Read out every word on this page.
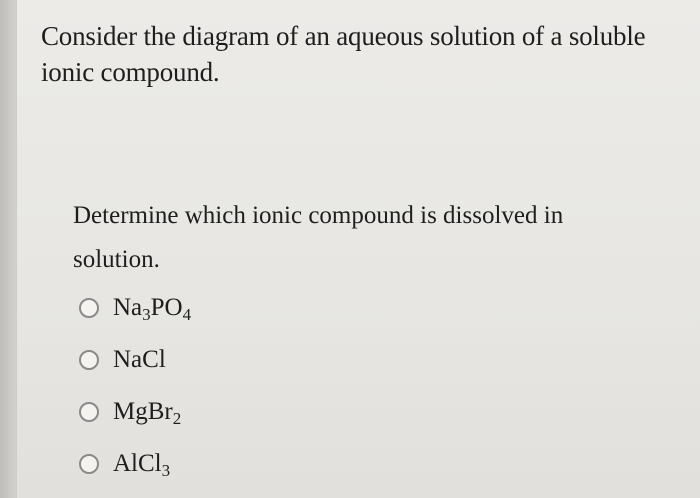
Consider the diagram of an aqueous solution of a soluble ionic compound.
Determine which ionic compound is dissolved in solution.
$Na_3PO_4$
NaCl
MgBr$_2$
AlCl$_3$
